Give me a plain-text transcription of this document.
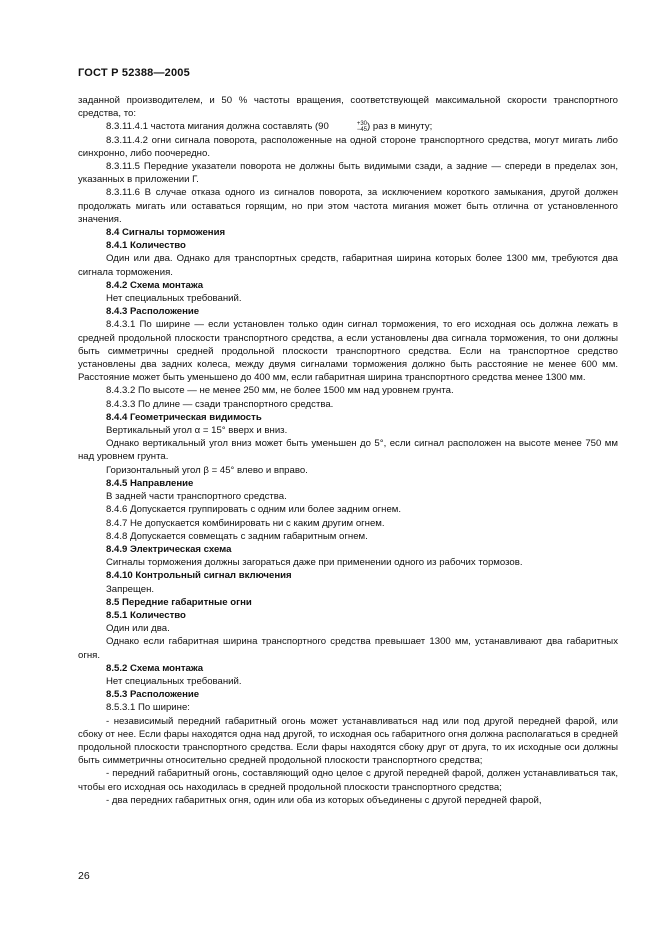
ГОСТ Р 52388—2005

заданной производителем, и 50 % частоты вращения, соответствующей максимальной скорости транспортного средства, то:

8.3.11.4.1 частота мигания должна составлять (90	+30
−45 ) раз в минуту;

8.3.11.4.2 огни сигнала поворота, расположенные на одной стороне транспортного средства, могут мигать либо синхронно, либо поочередно.

8.3.11.5 Передние указатели поворота не должны быть видимыми сзади, а задние — спереди в пределах зон, указанных в приложении Г.

8.3.11.6 В случае отказа одного из сигналов поворота, за исключением короткого замыкания, другой должен продолжать мигать или оставаться горящим, но при этом частота мигания может быть отлична от установленного значения.

8.4 Сигналы торможения

8.4.1 Количество

Один или два. Однако для транспортных средств, габаритная ширина которых более 1300 мм, требуются два сигнала торможения.

8.4.2 Схема монтажа

Нет специальных требований.

8.4.3 Расположение

8.4.3.1 По ширине — если установлен только один сигнал торможения, то его исходная ось должна лежать в средней продольной плоскости транспортного средства, а если установлены два сигнала торможения, то они должны быть симметричны средней продольной плоскости транспортного средства. Если на транспортное средство установлены два задних колеса, между двумя сигналами торможения должно быть расстояние не менее 600 мм. Расстояние может быть уменьшено до 400 мм, если габаритная ширина транспортного средства менее 1300 мм.

8.4.3.2 По высоте — не менее 250 мм, не более 1500 мм над уровнем грунта.

8.4.3.3 По длине — сзади транспортного средства.

8.4.4 Геометрическая видимость

Вертикальный угол α = 15° вверх и вниз.

Однако вертикальный угол вниз может быть уменьшен до 5°, если сигнал расположен на высоте менее 750 мм над уровнем грунта.

Горизонтальный угол β = 45° влево и вправо.

8.4.5 Направление

В задней части транспортного средства.

8.4.6 Допускается группировать с одним или более задним огнем.

8.4.7 Не допускается комбинировать ни с каким другим огнем.

8.4.8 Допускается совмещать с задним габаритным огнем.

8.4.9 Электрическая схема

Сигналы торможения должны загораться даже при применении одного из рабочих тормозов.

8.4.10 Контрольный сигнал включения

Запрещен.

8.5 Передние габаритные огни

8.5.1 Количество

Один или два.

Однако если габаритная ширина транспортного средства превышает 1300 мм, устанавливают два габаритных огня.

8.5.2 Схема монтажа

Нет специальных требований.

8.5.3 Расположение

8.5.3.1 По ширине:

- независимый передний габаритный огонь может устанавливаться над или под другой передней фарой, или сбоку от нее. Если фары находятся одна над другой, то исходная ось габаритного огня должна располагаться в средней продольной плоскости транспортного средства. Если фары находятся сбоку друг от друга, то их исходные оси должны быть симметричны относительно средней продольной плоскости транспортного средства;

- передний габаритный огонь, составляющий одно целое с другой передней фарой, должен устанавливаться так, чтобы его исходная ось находилась в средней продольной плоскости транспортного средства;

- два передних габаритных огня, один или оба из которых объединены с другой передней фарой,

26
